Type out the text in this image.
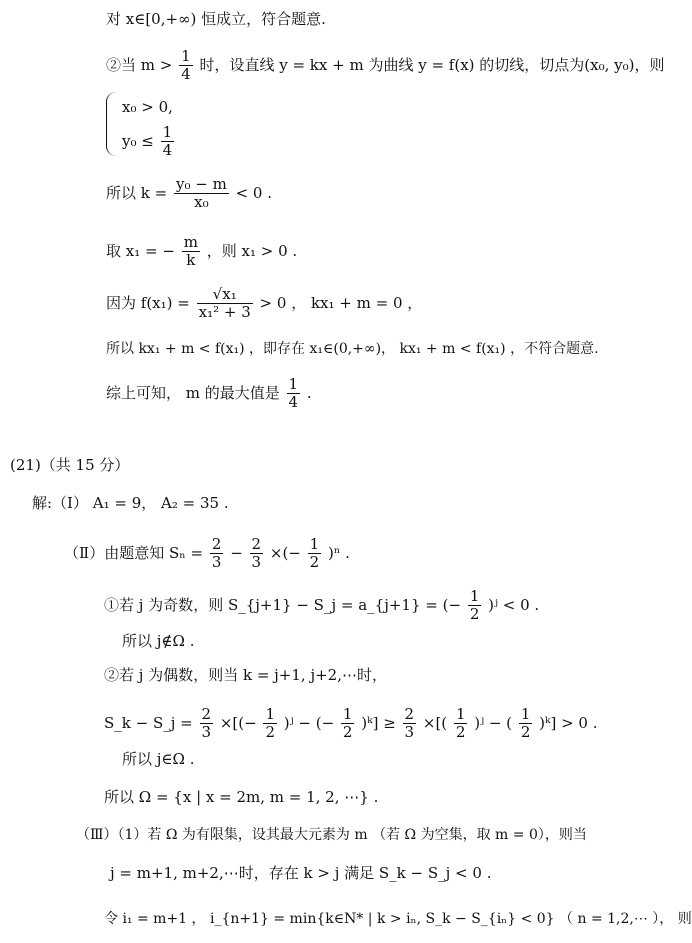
对 x∈[0,+∞) 恒成立，符合题意.
②当 $m > \frac{1}{4}$ 时，设直线 y = kx + m 为曲线 y = f(x) 的切线，切点为(x₀, y₀)，则
x₀ > 0,
$y_0 \le \frac{1}{4}$
所以 $k = \frac{\text{y₀ − m}}{\text{x₀}} < 0$ .
取 x₁ = − $\frac{m}{k}$ ，则 x₁ > 0 .
因为 $f(x_1) = \frac{\text{√x₁}}{\text{x₁² + 3}} > 0$ ， kx₁ + m = 0 ，
所以 kx₁ + m < f(x₁) ，即存在 x₁∈(0,+∞)， kx₁ + m < f(x₁) ，不符合题意.
综上可知， m 的最大值是 $\frac{1}{4}$ .
(21)（共 15 分）
解:（Ⅰ） A₁ = 9， A₂ = 35 .
（Ⅱ）由题意知 $S_n = \frac{2}{3} - \frac{2}{3}$ ×(− $\frac{1}{2} )^n$ .
①若 j 为奇数，则 S_{j+1} − S_j = a_{j+1} = (− $\frac{1}{2}$ )ʲ < 0 .
所以 j∉Ω .
②若 j 为偶数，则当 k = j+1, j+2,⋯时，
S_k − S_j = $\frac{2}{3}$ ×[(− $\frac{1}{2}$ )ʲ − (− $\frac{1}{2}$ )ᵏ] ≥ $\frac{2}{3}$ ×[( $\frac{1}{2}$ )ʲ − ( $\frac{1}{2}$ )ᵏ] > 0 .
所以 j∈Ω .
所以 Ω = {x | x = 2m, m = 1, 2, ⋯} .
（Ⅲ）（1）若 Ω 为有限集，设其最大元素为 m （若 Ω 为空集，取 m = 0），则当
j = m+1, m+2,⋯时，存在 k > j 满足 S_k − S_j < 0 .
令 i₁ = m+1 ， i_{n+1} = min{k∈N* | k > iₙ, S_k − S_{iₙ} < 0} （ n = 1,2,⋯ ）， 则
